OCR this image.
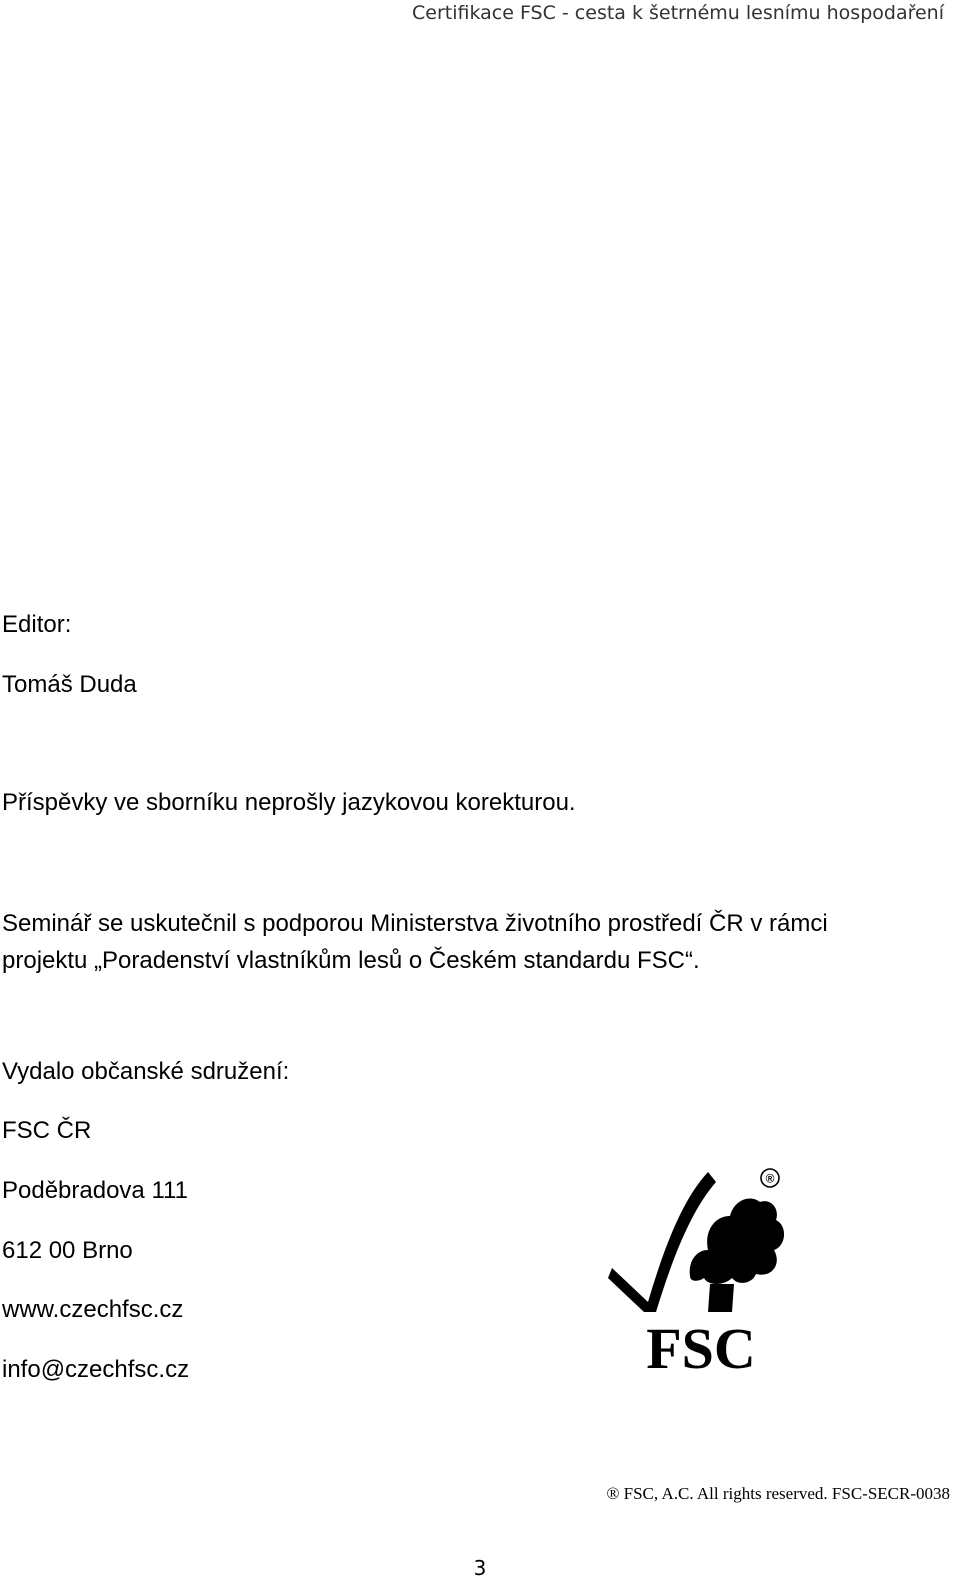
Certifikace FSC - cesta k šetrnému lesnímu hospodaření
Editor:
Tomáš Duda
Příspěvky ve sborníku neprošly jazykovou korekturou.
Seminář se uskutečnil s podporou Ministerstva životního prostředí ČR v rámci projektu „Poradenství vlastníkům lesů o Českém standardu FSC“.
Vydalo občanské sdružení:
FSC ČR
Poděbradova 111
612 00 Brno
www.czechfsc.cz
info@czechfsc.cz
®
FSC
® FSC, A.C. All rights reserved. FSC-SECR-0038
3
